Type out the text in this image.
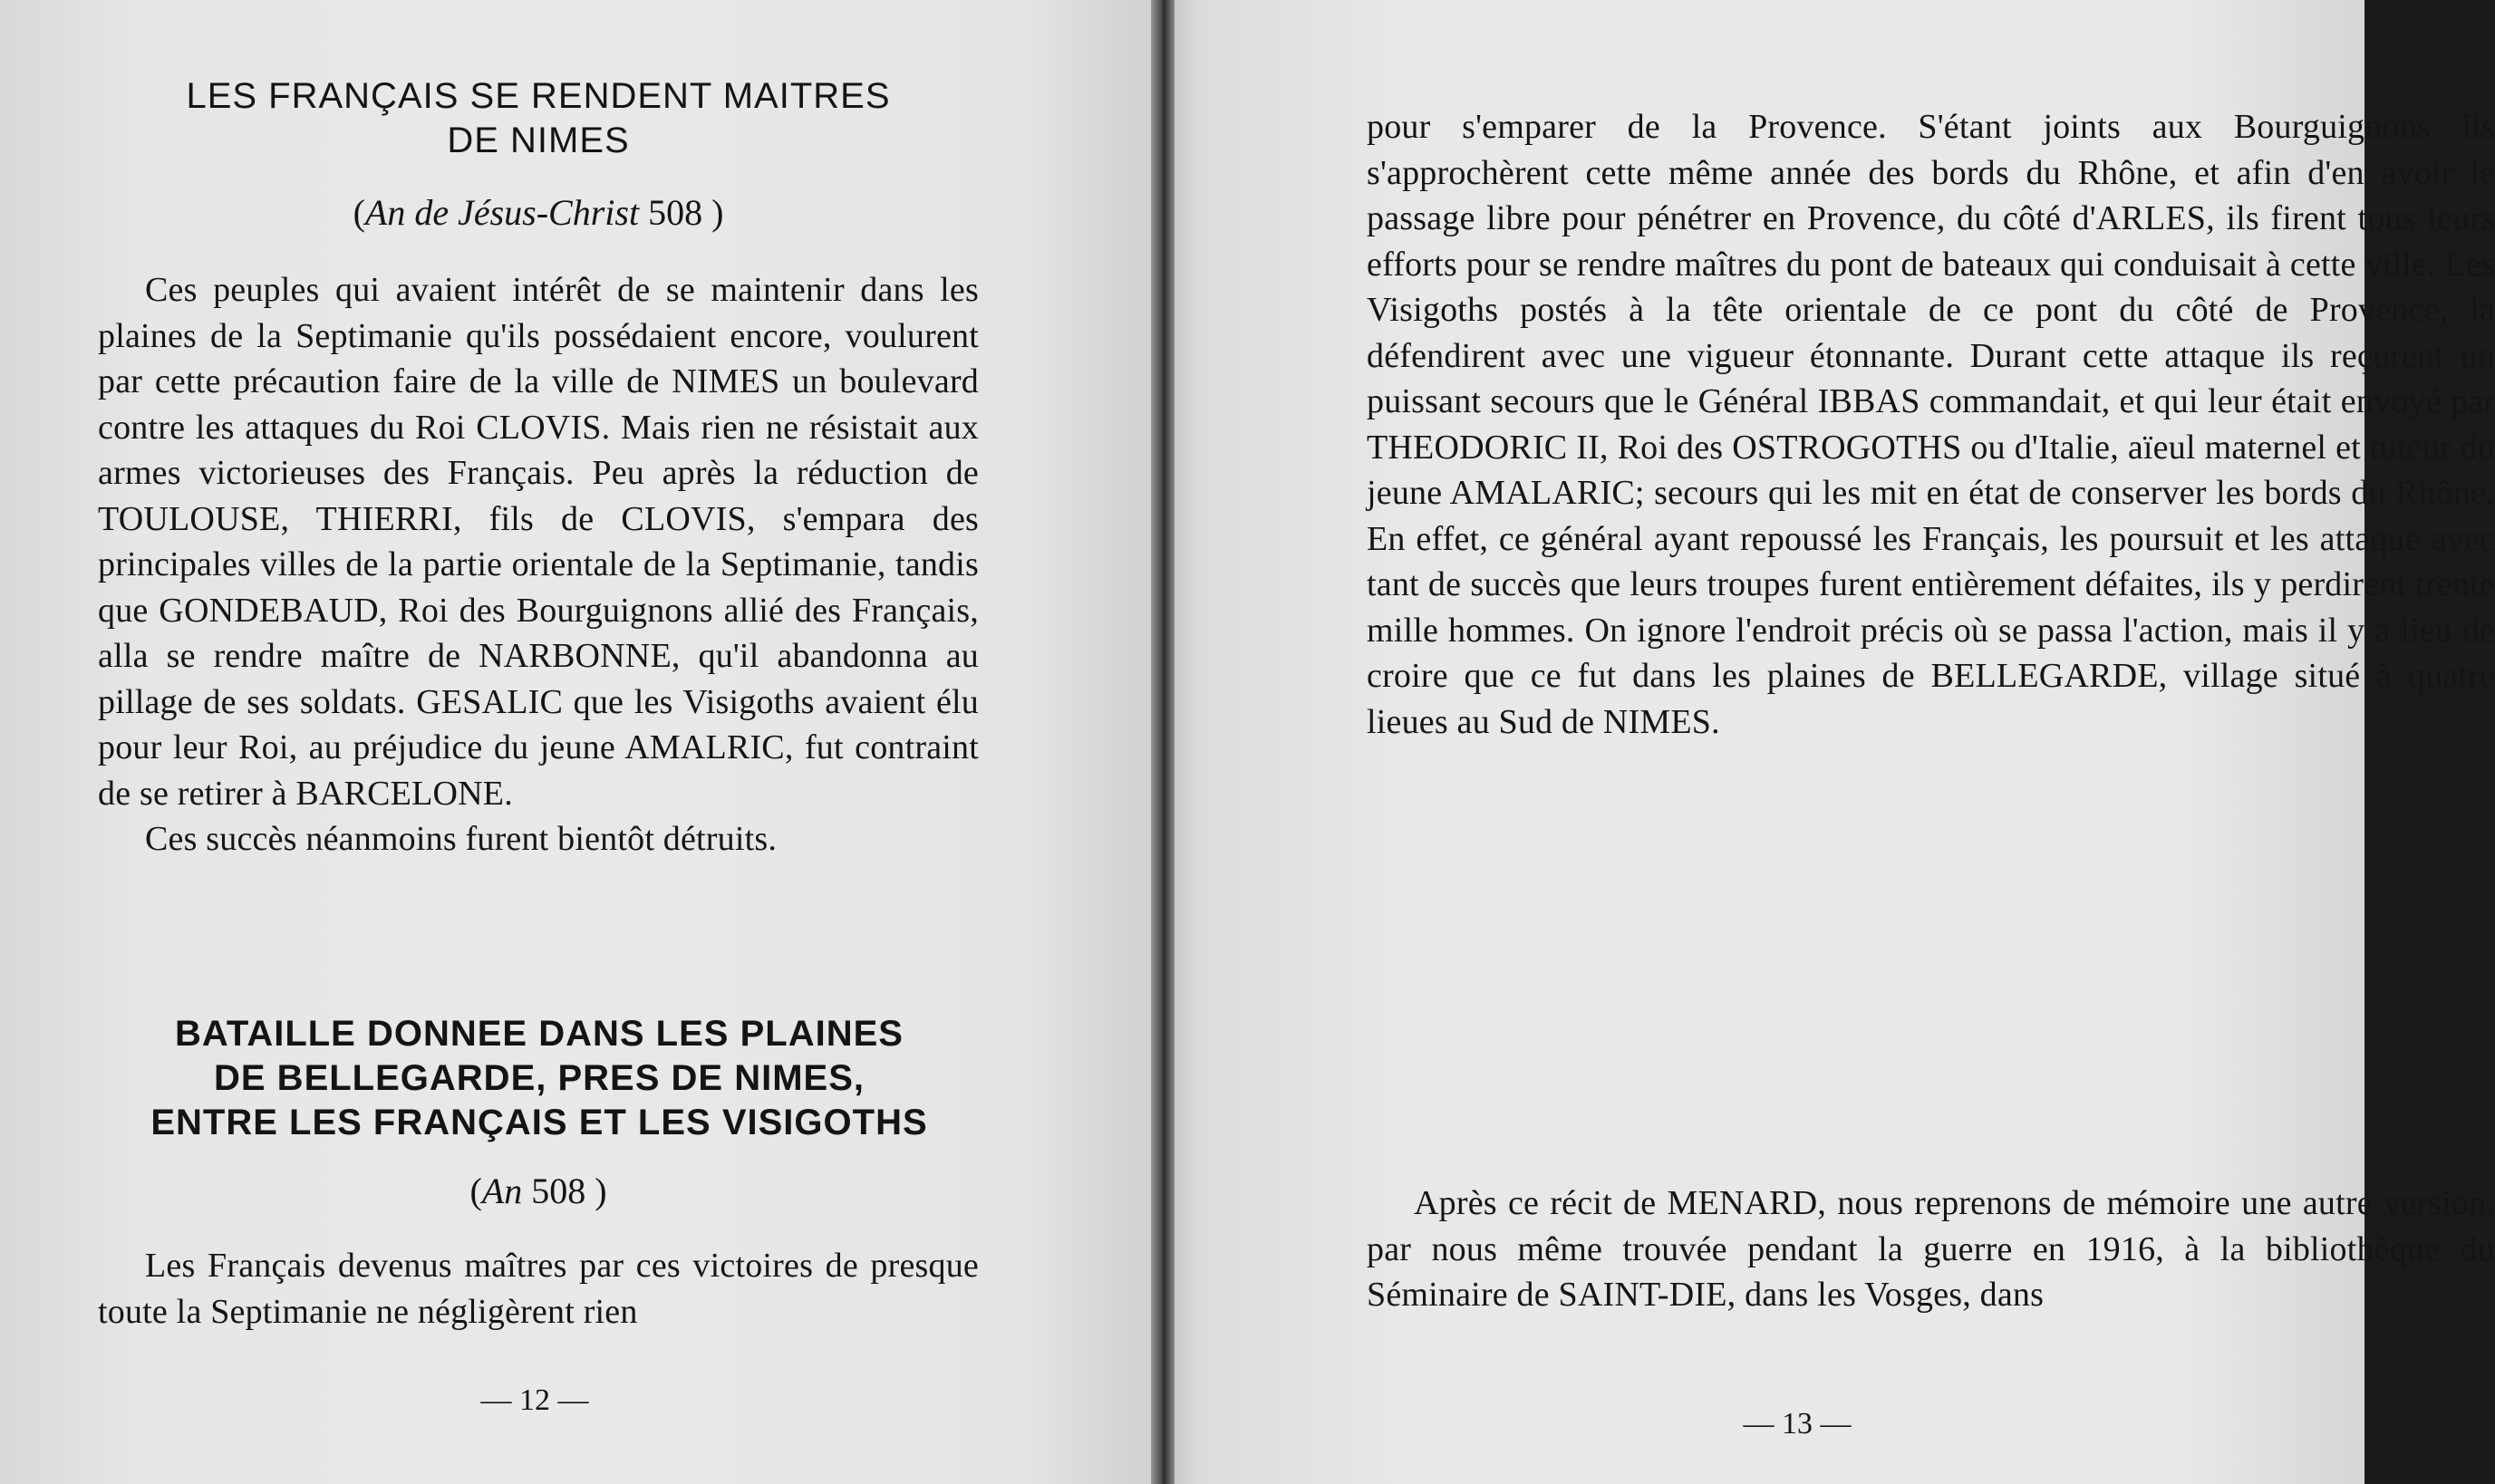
LES FRANÇAIS SE RENDENT MAITRES
DE NIMES
(An de Jésus-Christ 508 )

Ces peuples qui avaient intérêt de se maintenir dans les plaines de la Septimanie qu'ils possédaient encore, voulurent par cette précaution faire de la ville de NIMES un boulevard contre les attaques du Roi CLOVIS. Mais rien ne résistait aux armes victorieuses des Français. Peu après la réduction de TOULOUSE, THIERRI, fils de CLOVIS, s'empara des principales villes de la partie orientale de la Septimanie, tandis que GONDEBAUD, Roi des Bourguignons allié des Français, alla se rendre maître de NARBONNE, qu'il abandonna au pillage de ses soldats. GESALIC que les Visigoths avaient élu pour leur Roi, au préjudice du jeune AMALRIC, fut contraint de se retirer à BARCELONE.

Ces succès néanmoins furent bientôt détruits.

BATAILLE DONNEE DANS LES PLAINES
DE BELLEGARDE, PRES DE NIMES,
ENTRE LES FRANÇAIS ET LES VISIGOTHS
(An 508 )

Les Français devenus maîtres par ces victoires de presque toute la Septimanie ne négligèrent rien

— 12 —

pour s'emparer de la Provence. S'étant joints aux Bourguignons ils s'approchèrent cette même année des bords du Rhône, et afin d'en avoir le passage libre pour pénétrer en Provence, du côté d'ARLES, ils firent tous leurs efforts pour se rendre maîtres du pont de bateaux qui conduisait à cette ville. Les Visigoths postés à la tête orientale de ce pont du côté de Provence, la défendirent avec une vigueur étonnante. Durant cette attaque ils reçurent un puissant secours que le Général IBBAS commandait, et qui leur était envoyé par THEODORIC II, Roi des OSTROGOTHS ou d'Italie, aïeul maternel et tuteur du jeune AMALARIC; secours qui les mit en état de conserver les bords du Rhône. En effet, ce général ayant repoussé les Français, les poursuit et les attaque avec tant de succès que leurs troupes furent entièrement défaites, ils y perdirent trente mille hommes. On ignore l'endroit précis où se passa l'action, mais il y a lieu de croire que ce fut dans les plaines de BELLEGARDE, village situé à quatre lieues au Sud de NIMES.

Après ce récit de MENARD, nous reprenons de mémoire une autre version, par nous même trouvée pendant la guerre en 1916, à la bibliothèque du Séminaire de SAINT-DIE, dans les Vosges, dans

— 13 —
